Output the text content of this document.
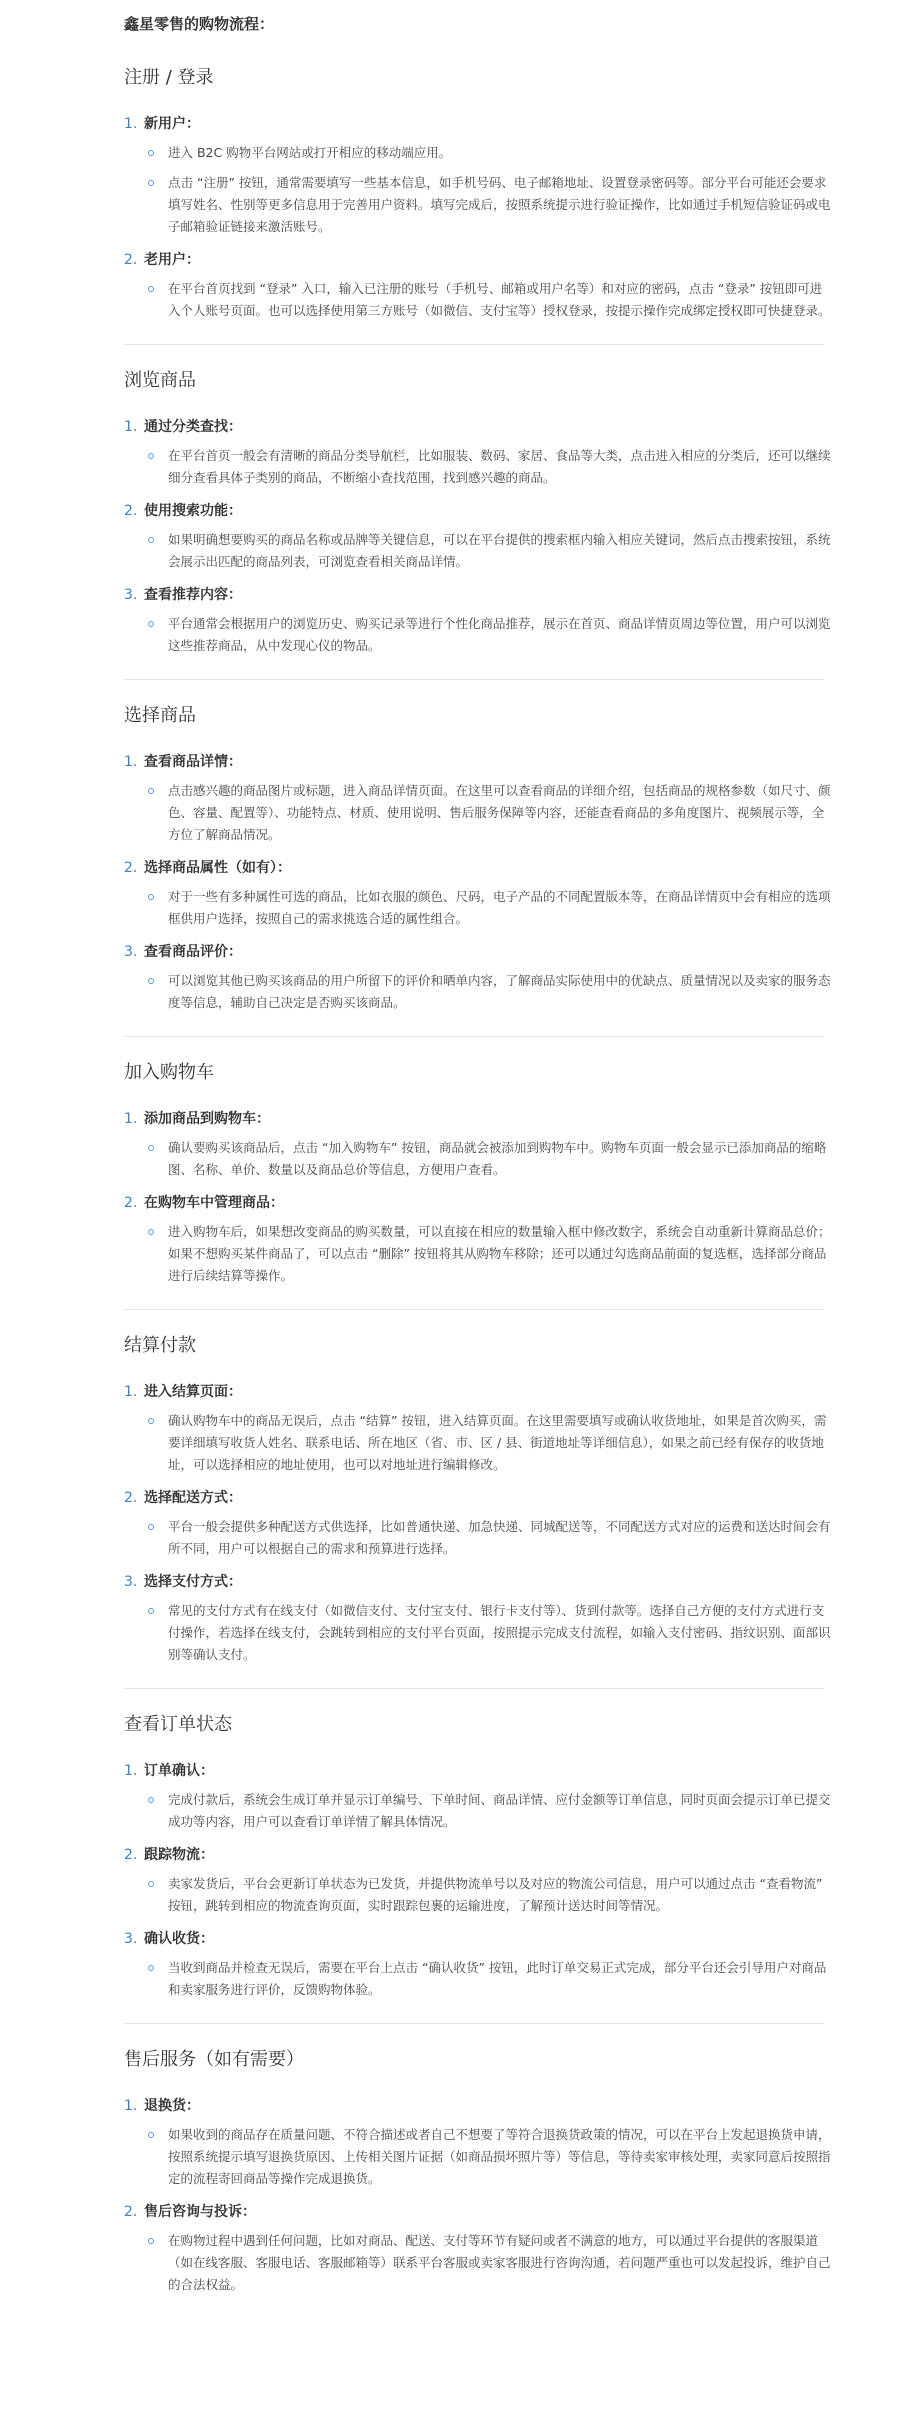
鑫星零售的购物流程：
注册 / 登录
1. 新用户：
进入 B2C 购物平台网站或打开相应的移动端应用。
点击 “注册” 按钮，通常需要填写一些基本信息，如手机号码、电子邮箱地址、设置登录密码等。部分平台可能还会要求填写姓名、性别等更多信息用于完善用户资料。填写完成后，按照系统提示进行验证操作，比如通过手机短信验证码或电子邮箱验证链接来激活账号。
2. 老用户：
在平台首页找到 “登录” 入口，输入已注册的账号（手机号、邮箱或用户名等）和对应的密码，点击 “登录” 按钮即可进入个人账号页面。也可以选择使用第三方账号（如微信、支付宝等）授权登录，按提示操作完成绑定授权即可快捷登录。
浏览商品
1. 通过分类查找：
在平台首页一般会有清晰的商品分类导航栏，比如服装、数码、家居、食品等大类，点击进入相应的分类后，还可以继续细分查看具体子类别的商品，不断缩小查找范围，找到感兴趣的商品。
2. 使用搜索功能：
如果明确想要购买的商品名称或品牌等关键信息，可以在平台提供的搜索框内输入相应关键词，然后点击搜索按钮，系统会展示出匹配的商品列表，可浏览查看相关商品详情。
3. 查看推荐内容：
平台通常会根据用户的浏览历史、购买记录等进行个性化商品推荐，展示在首页、商品详情页周边等位置，用户可以浏览这些推荐商品，从中发现心仪的物品。
选择商品
1. 查看商品详情：
点击感兴趣的商品图片或标题，进入商品详情页面。在这里可以查看商品的详细介绍，包括商品的规格参数（如尺寸、颜色、容量、配置等）、功能特点、材质、使用说明、售后服务保障等内容，还能查看商品的多角度图片、视频展示等，全方位了解商品情况。
2. 选择商品属性（如有）：
对于一些有多种属性可选的商品，比如衣服的颜色、尺码，电子产品的不同配置版本等，在商品详情页中会有相应的选项框供用户选择，按照自己的需求挑选合适的属性组合。
3. 查看商品评价：
可以浏览其他已购买该商品的用户所留下的评价和晒单内容，了解商品实际使用中的优缺点、质量情况以及卖家的服务态度等信息，辅助自己决定是否购买该商品。
加入购物车
1. 添加商品到购物车：
确认要购买该商品后，点击 “加入购物车” 按钮，商品就会被添加到购物车中。购物车页面一般会显示已添加商品的缩略图、名称、单价、数量以及商品总价等信息，方便用户查看。
2. 在购物车中管理商品：
进入购物车后，如果想改变商品的购买数量，可以直接在相应的数量输入框中修改数字，系统会自动重新计算商品总价；如果不想购买某件商品了，可以点击 “删除” 按钮将其从购物车移除；还可以通过勾选商品前面的复选框，选择部分商品进行后续结算等操作。
结算付款
1. 进入结算页面：
确认购物车中的商品无误后，点击 “结算” 按钮，进入结算页面。在这里需要填写或确认收货地址，如果是首次购买，需要详细填写收货人姓名、联系电话、所在地区（省、市、区 / 县、街道地址等详细信息），如果之前已经有保存的收货地址，可以选择相应的地址使用，也可以对地址进行编辑修改。
2. 选择配送方式：
平台一般会提供多种配送方式供选择，比如普通快递、加急快递、同城配送等，不同配送方式对应的运费和送达时间会有所不同，用户可以根据自己的需求和预算进行选择。
3. 选择支付方式：
常见的支付方式有在线支付（如微信支付、支付宝支付、银行卡支付等）、货到付款等。选择自己方便的支付方式进行支付操作，若选择在线支付，会跳转到相应的支付平台页面，按照提示完成支付流程，如输入支付密码、指纹识别、面部识别等确认支付。
查看订单状态
1. 订单确认：
完成付款后，系统会生成订单并显示订单编号、下单时间、商品详情、应付金额等订单信息，同时页面会提示订单已提交成功等内容，用户可以查看订单详情了解具体情况。
2. 跟踪物流：
卖家发货后，平台会更新订单状态为已发货，并提供物流单号以及对应的物流公司信息，用户可以通过点击 “查看物流” 按钮，跳转到相应的物流查询页面，实时跟踪包裹的运输进度，了解预计送达时间等情况。
3. 确认收货：
当收到商品并检查无误后，需要在平台上点击 “确认收货” 按钮，此时订单交易正式完成，部分平台还会引导用户对商品和卖家服务进行评价，反馈购物体验。
售后服务（如有需要）
1. 退换货：
如果收到的商品存在质量问题、不符合描述或者自己不想要了等符合退换货政策的情况，可以在平台上发起退换货申请，按照系统提示填写退换货原因、上传相关图片证据（如商品损坏照片等）等信息，等待卖家审核处理，卖家同意后按照指定的流程寄回商品等操作完成退换货。
2. 售后咨询与投诉：
在购物过程中遇到任何问题，比如对商品、配送、支付等环节有疑问或者不满意的地方，可以通过平台提供的客服渠道（如在线客服、客服电话、客服邮箱等）联系平台客服或卖家客服进行咨询沟通，若问题严重也可以发起投诉，维护自己的合法权益。
